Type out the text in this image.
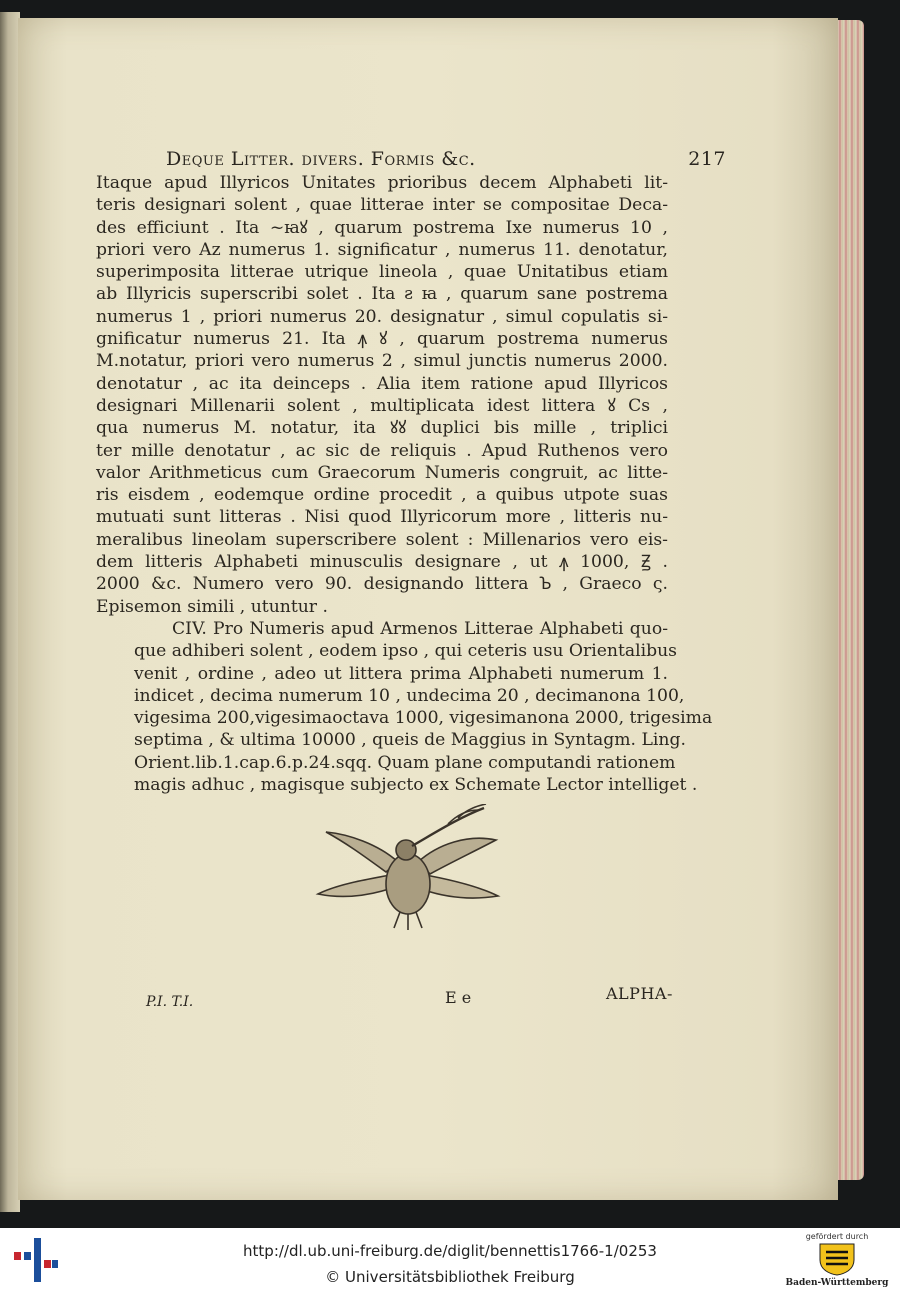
Deque Litter. divers. Formis &c.	217

Itaque apud Illyricos Unitates prioribus decem Alphabeti lit-
teris designari solent , quae litterae inter se compositae Deca-
des efficiunt . Ita ~ꙗꙋ , quarum postrema Ixe numerus 10 ,
priori vero Az numerus 1. significatur , numerus 11. denotatur,
superimposita litterae utrique lineola , quae Unitatibus etiam
ab Illyricis superscribi solet . Ita ꙅ ꙗ , quarum sane postrema
numerus 1 , priori numerus 20. designatur , simul copulatis si-
gnificatur numerus 21. Ita ꙟ ꙋ , quarum postrema numerus
M.notatur, priori vero numerus 2 , simul junctis numerus 2000.
denotatur , ac ita deinceps . Alia item ratione apud Illyricos
designari Millenarii solent , multiplicata idest littera ꙋ Cs ,
qua numerus M. notatur, ita ꙋꙋ duplici bis mille , triplici
ter mille denotatur , ac sic de reliquis . Apud Ruthenos vero
valor Arithmeticus cum Graecorum Numeris congruit, ac litte-
ris eisdem , eodemque ordine procedit , a quibus utpote suas
mutuati sunt litteras . Nisi quod Illyricorum more , litteris nu-
meralibus lineolam superscribere solent : Millenarios vero eis-
dem litteris Alphabeti minusculis designare , ut ꙟ 1000, Ꙃ .
2000 &c. Numero vero 90. designando littera Ꙏ , Graeco ς.
Episemon simili , utuntur .

CIV. Pro Numeris apud Armenos Litterae Alphabeti quo-
que adhiberi solent , eodem ipso , qui ceteris usu Orientalibus
venit , ordine , adeo ut littera prima Alphabeti numerum 1.
indicet , decima numerum 10 , undecima 20 , decimanona 100,
vigesima 200,vigesimaoctava 1000, vigesimanona 2000, trigesima
septima , & ultima 10000 , queis de Maggius in Syntagm. Ling.
Orient.lib.1.cap.6.p.24.sqq. Quam plane computandi rationem
magis adhuc , magisque subjecto ex Schemate Lector intelliget .

P.I. T.I.	E e	ALPHA-
http://dl.ub.uni-freiburg.de/diglit/bennettis1766-1/0253
© Universitätsbibliothek Freiburg
gefördert durch
Baden-Württemberg
